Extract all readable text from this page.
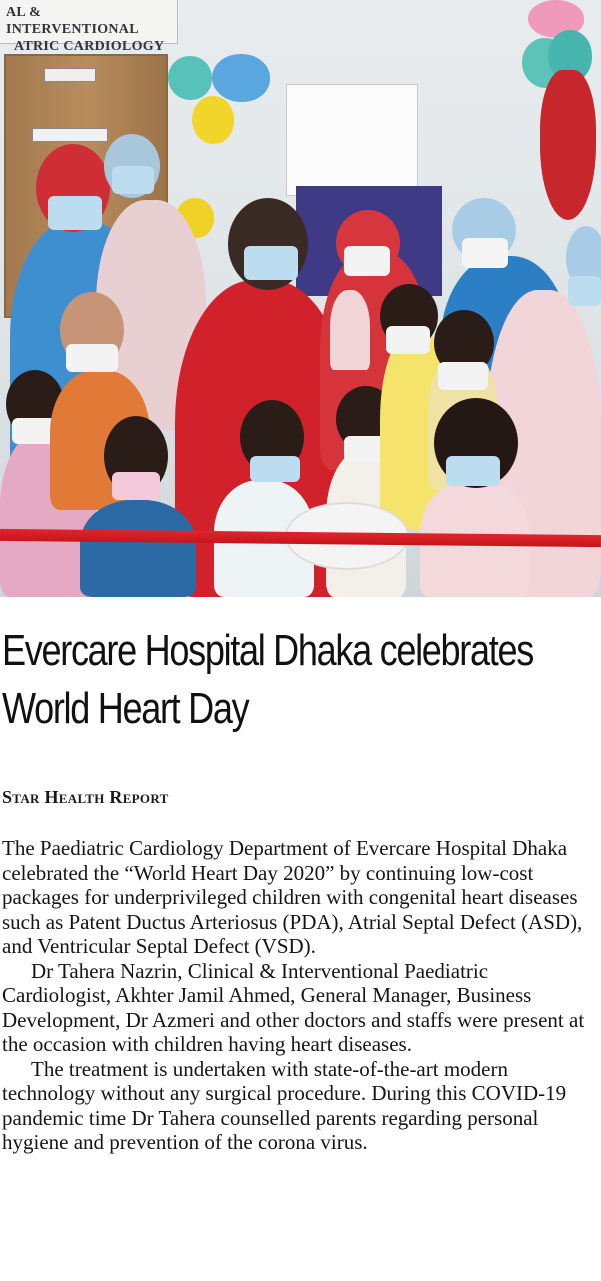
AL & INTERVENTIONAL
ATRIC CARDIOLOGY
Evercare Hospital Dhaka celebrates World Heart Day
Star Health Report

The Paediatric Cardiology Department of Evercare Hospital Dhaka celebrated the “World Heart Day 2020” by continuing low-cost packages for underprivileged children with congenital heart diseases such as Patent Ductus Arteriosus (PDA), Atrial Septal Defect (ASD), and Ventricular Septal Defect (VSD).

Dr Tahera Nazrin, Clinical & Interventional Paediatric Cardiologist, Akhter Jamil Ahmed, General Manager, Business Development, Dr Azmeri and other doctors and staffs were present at the occasion with children having heart diseases.

The treatment is undertaken with state-of-the-art modern technology without any surgical procedure. During this COVID-19 pandemic time Dr Tahera counselled parents regarding personal hygiene and prevention of the corona virus.
